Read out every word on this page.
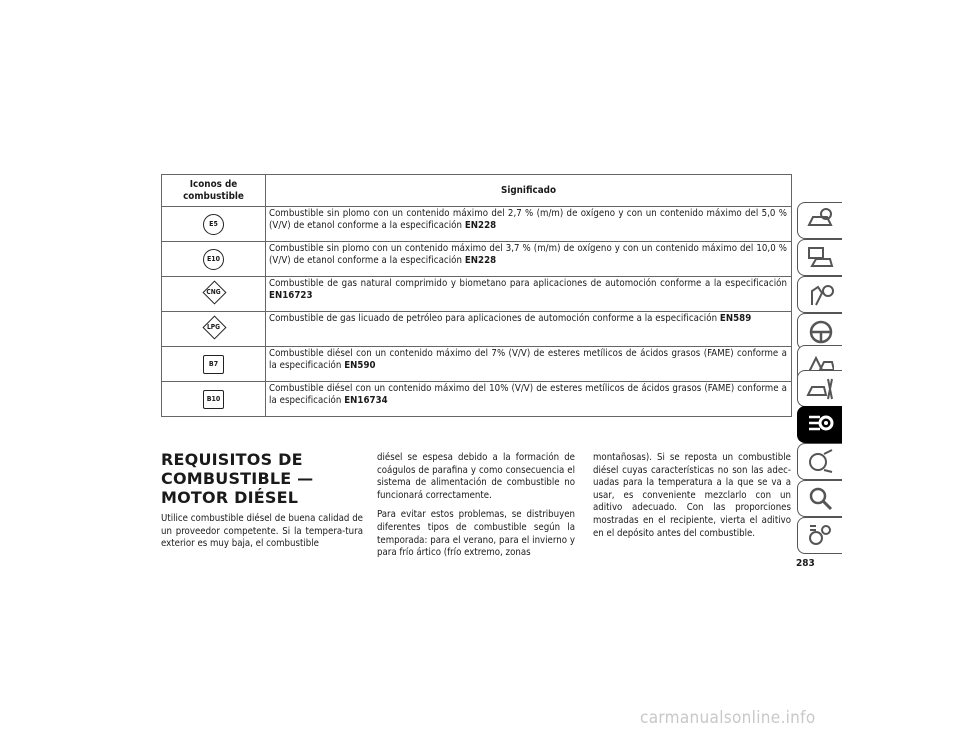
Iconos de
combustible	Significado
E5	Combustible sin plomo con un contenido máximo del 2,7 % (m/m) de oxígeno y con un contenido máximo del 5,0 % (V/V) de etanol conforme a la especificación EN228
E10	Combustible sin plomo con un contenido máximo del 3,7 % (m/m) de oxígeno y con un contenido máximo del 10,0 % (V/V) de etanol conforme a la especificación EN228

CNG	Combustible de gas natural comprimido y biometano para aplicaciones de automoción conforme a la especificación EN16723

LPG	Combustible de gas licuado de petróleo para aplicaciones de automoción conforme a la especificación EN589
B7	Combustible diésel con un contenido máximo del 7% (V/V) de esteres metílicos de ácidos grasos (FAME) conforme a la especificación EN590
B10	Combustible diésel con un contenido máximo del 10% (V/V) de esteres metílicos de ácidos grasos (FAME) conforme a la especificación EN16734
REQUISITOS DE COMBUSTIBLE — MOTOR DIÉSEL

Utilice combustible diésel de buena calidad de un proveedor competente. Si la tempera-tura exterior es muy baja, el combustible

diésel se espesa debido a la formación de coágulos de parafina y como consecuencia el sistema de alimentación de combustible no funcionará correctamente.

Para evitar estos problemas, se distribuyen diferentes tipos de combustible según la temporada: para el verano, para el invierno y para frío ártico (frío extremo, zonas

montañosas). Si se reposta un combustible diésel cuyas características no son las adec-uadas para la temperatura a la que se va a usar, es conveniente mezclarlo con un aditivo adecuado. Con las proporciones mostradas en el recipiente, vierta el aditivo en el depósito antes del combustible.

283
carmanualsonline.info
